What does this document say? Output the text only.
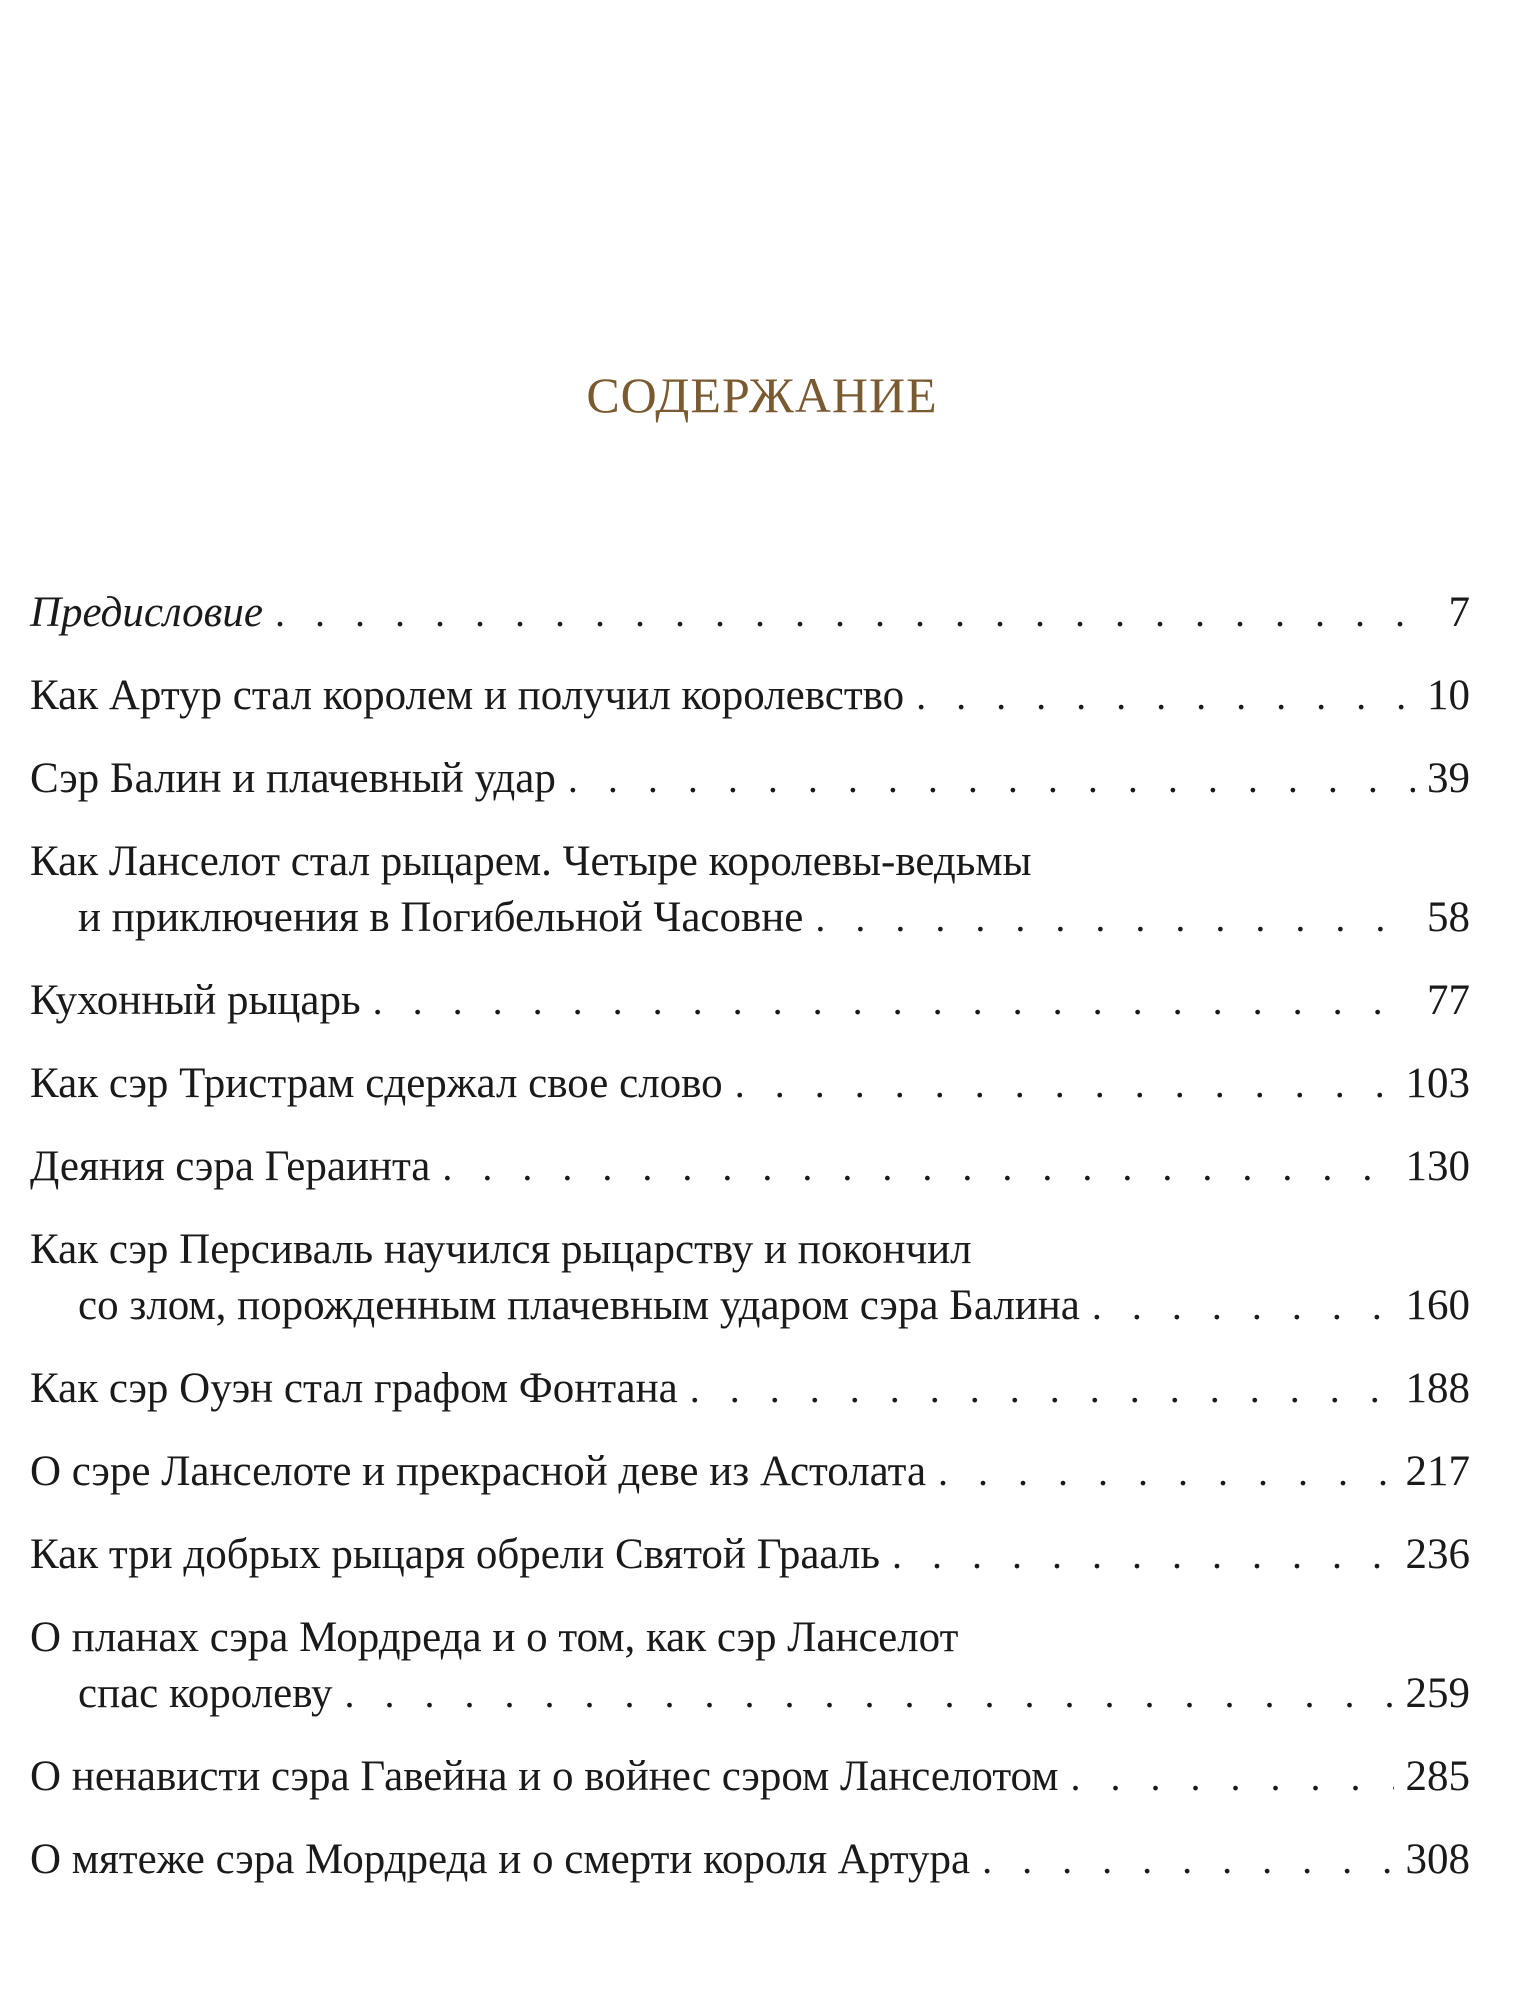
СОДЕРЖАНИЕ
Предисловие . . .	7
Как Артур стал королем и получил королевство . . .	10
Сэр Балин и плачевный удар . . .	39
Как Ланселот стал рыцарем. Четыре королевы-ведьмы
и приключения в Погибельной Часовне . . .	58
Кухонный рыцарь . . .	77
Как сэр Тристрам сдержал свое слово . . .	103
Деяния сэра Гераинта . . .	130
Как сэр Персиваль научился рыцарству и покончил
со злом, порожденным плачевным ударом сэра Балина . . .	160
Как сэр Оуэн стал графом Фонтана . . .	188
О сэре Ланселоте и прекрасной деве из Астолата . . .	217
Как три добрых рыцаря обрели Святой Грааль . . .	236
О планах сэра Мордреда и о том, как сэр Ланселот
спас королеву . . .	259
О ненависти сэра Гавейна и о войнес сэром Ланселотом . . .	285
О мятеже сэра Мордреда и о смерти короля Артура . . .	308
